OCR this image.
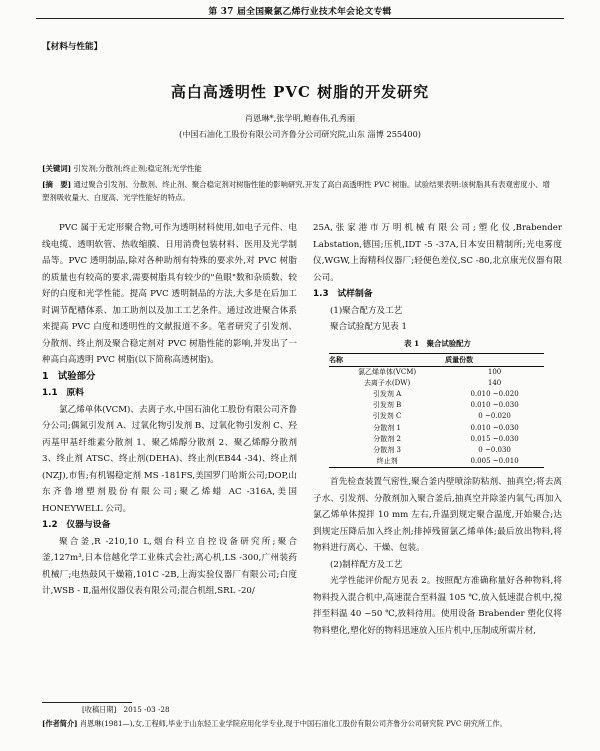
第 37 届全国聚氯乙烯行业技术年会论文专辑
【材料与性能】
高白高透明性 PVC 树脂的开发研究
肖恩琳*,张学明,鲍春伟,孔秀丽
(中国石油化工股份有限公司齐鲁分公司研究院,山东 淄博 255400)
[关键词] 引发剂;分散剂;终止剂;稳定剂;光学性能
[摘　要] 通过聚合引发剂、分散剂、终止剂、聚合稳定剂对树脂性能的影响研究,开发了高白高透明性 PVC 树脂。试验结果表明:该树脂具有表观密度小、增塑剂吸收量大、白度高、光学性能好的特点。

PVC 属于无定形聚合物,可作为透明材料使用,如电子元件、电线电缆、透明软管、热收缩膜、日用消费包装材料、医用及光学制品等。PVC 透明制品,除对各种助剂有特殊的要求外,对 PVC 树脂的质量也有较高的要求,需要树脂具有较少的"鱼眼"数和杂质数、较好的白度和光学性能。提高 PVC 透明制品的方法,大多是在后加工时调节配槽体系、加工助剂以及加工工艺条件。通过改进聚合体系来提高 PVC 白度和透明性的文献报道不多。笔者研究了引发剂、分散剂、终止剂及聚合稳定剂对 PVC 树脂性能的影响,并发出了一种高白高透明 PVC 树脂(以下简称高透树脂)。

1　试验部分
1.1　原料

氯乙烯单体(VCM)、去离子水,中国石油化工股份有限公司齐鲁分公司;偶氮引发剂 A、过氧化物引发剂 B、过氧化物引发剂 C、羟丙基甲基纤维素分散剂 1、聚乙烯醇分散剂 2、聚乙烯醇分散剂 3、终止剂 ATSC、终止剂(DEHA)、终止剂(EB44 -34)、终止剂(NZJ),市售;有机锡稳定剂 MS -181FS,美国罗门哈斯公司;DOP,山东齐鲁增塑剂股份有限公司;聚乙烯蜡 AC -316A,美国 HONEYWELL 公司。

1.2　仪器与设备

聚合釜,R -210,10 L,烟台科立自控设备研究所;聚合釜,127m³,日本信越化学工业株式会社;离心机,LS -300,广州装药机械厂;电热鼓风干燥箱,101C -2B,上海实验仪器厂有限公司;白度计,WSB - Ⅱ,温州仪器仪表有限公司;混合机组,SRL -20/

25A,张家港市万明机械有限公司;塑化仪,Brabender Labstation,德国;压机,IDT -5 -37A,日本安田精制所;光电雾度仪,WGW,上海精科仪器厂;轻便色差仪,SC -80,北京康光仪器有限公司。

1.3　试样制备
(1)聚合配方及工艺

聚合试验配方见表 1

表 1　聚合试验配方
名称	质量份数
氯乙烯单体(VCM)	100
去离子水(DW)	140
引发剂 A	0.010 ~0.020
引发剂 B	0.010 ~0.030
引发剂 C	0 ~0.020
分散剂 1	0.010 ~0.030
分散剂 2	0.015 ~0.030
分散剂 3	0 ~0.030
终止剂	0.005 ~0.010

首先检查装置气密性,聚合釜内壁喷涂防粘剂、抽真空;将去离子水、引发剂、分散剂加入聚合釜后,抽真空并除釜内氧气;再加入氯乙烯单体搅拌 10 mm 左右,升温到规定聚合温度,开始聚合;达到规定压降后加入终止剂;排掉残留氯乙烯单体;最后放出物料,将物料进行离心、干燥、包装。

(2)制样配方及工艺

光学性能评价配方见表 2。按照配方准确称量好各种物料,将物料投入混合机中,高速混合至料温 105 ℃,放入低速混合机中,搅拌至料温 40 ~50 ℃,放料待用。使用设备 Brabender 塑化仪将物料塑化,塑化好的物料迅速放入压片机中,压制成所需片材,

[收稿日期]　2015 -03 -28
[作者简介] 肖恩琳(1981—),女,工程师,毕业于山东轻工业学院应用化学专业,现于中国石油化工股份有限公司齐鲁分公司研究院 PVC 研究所工作。
